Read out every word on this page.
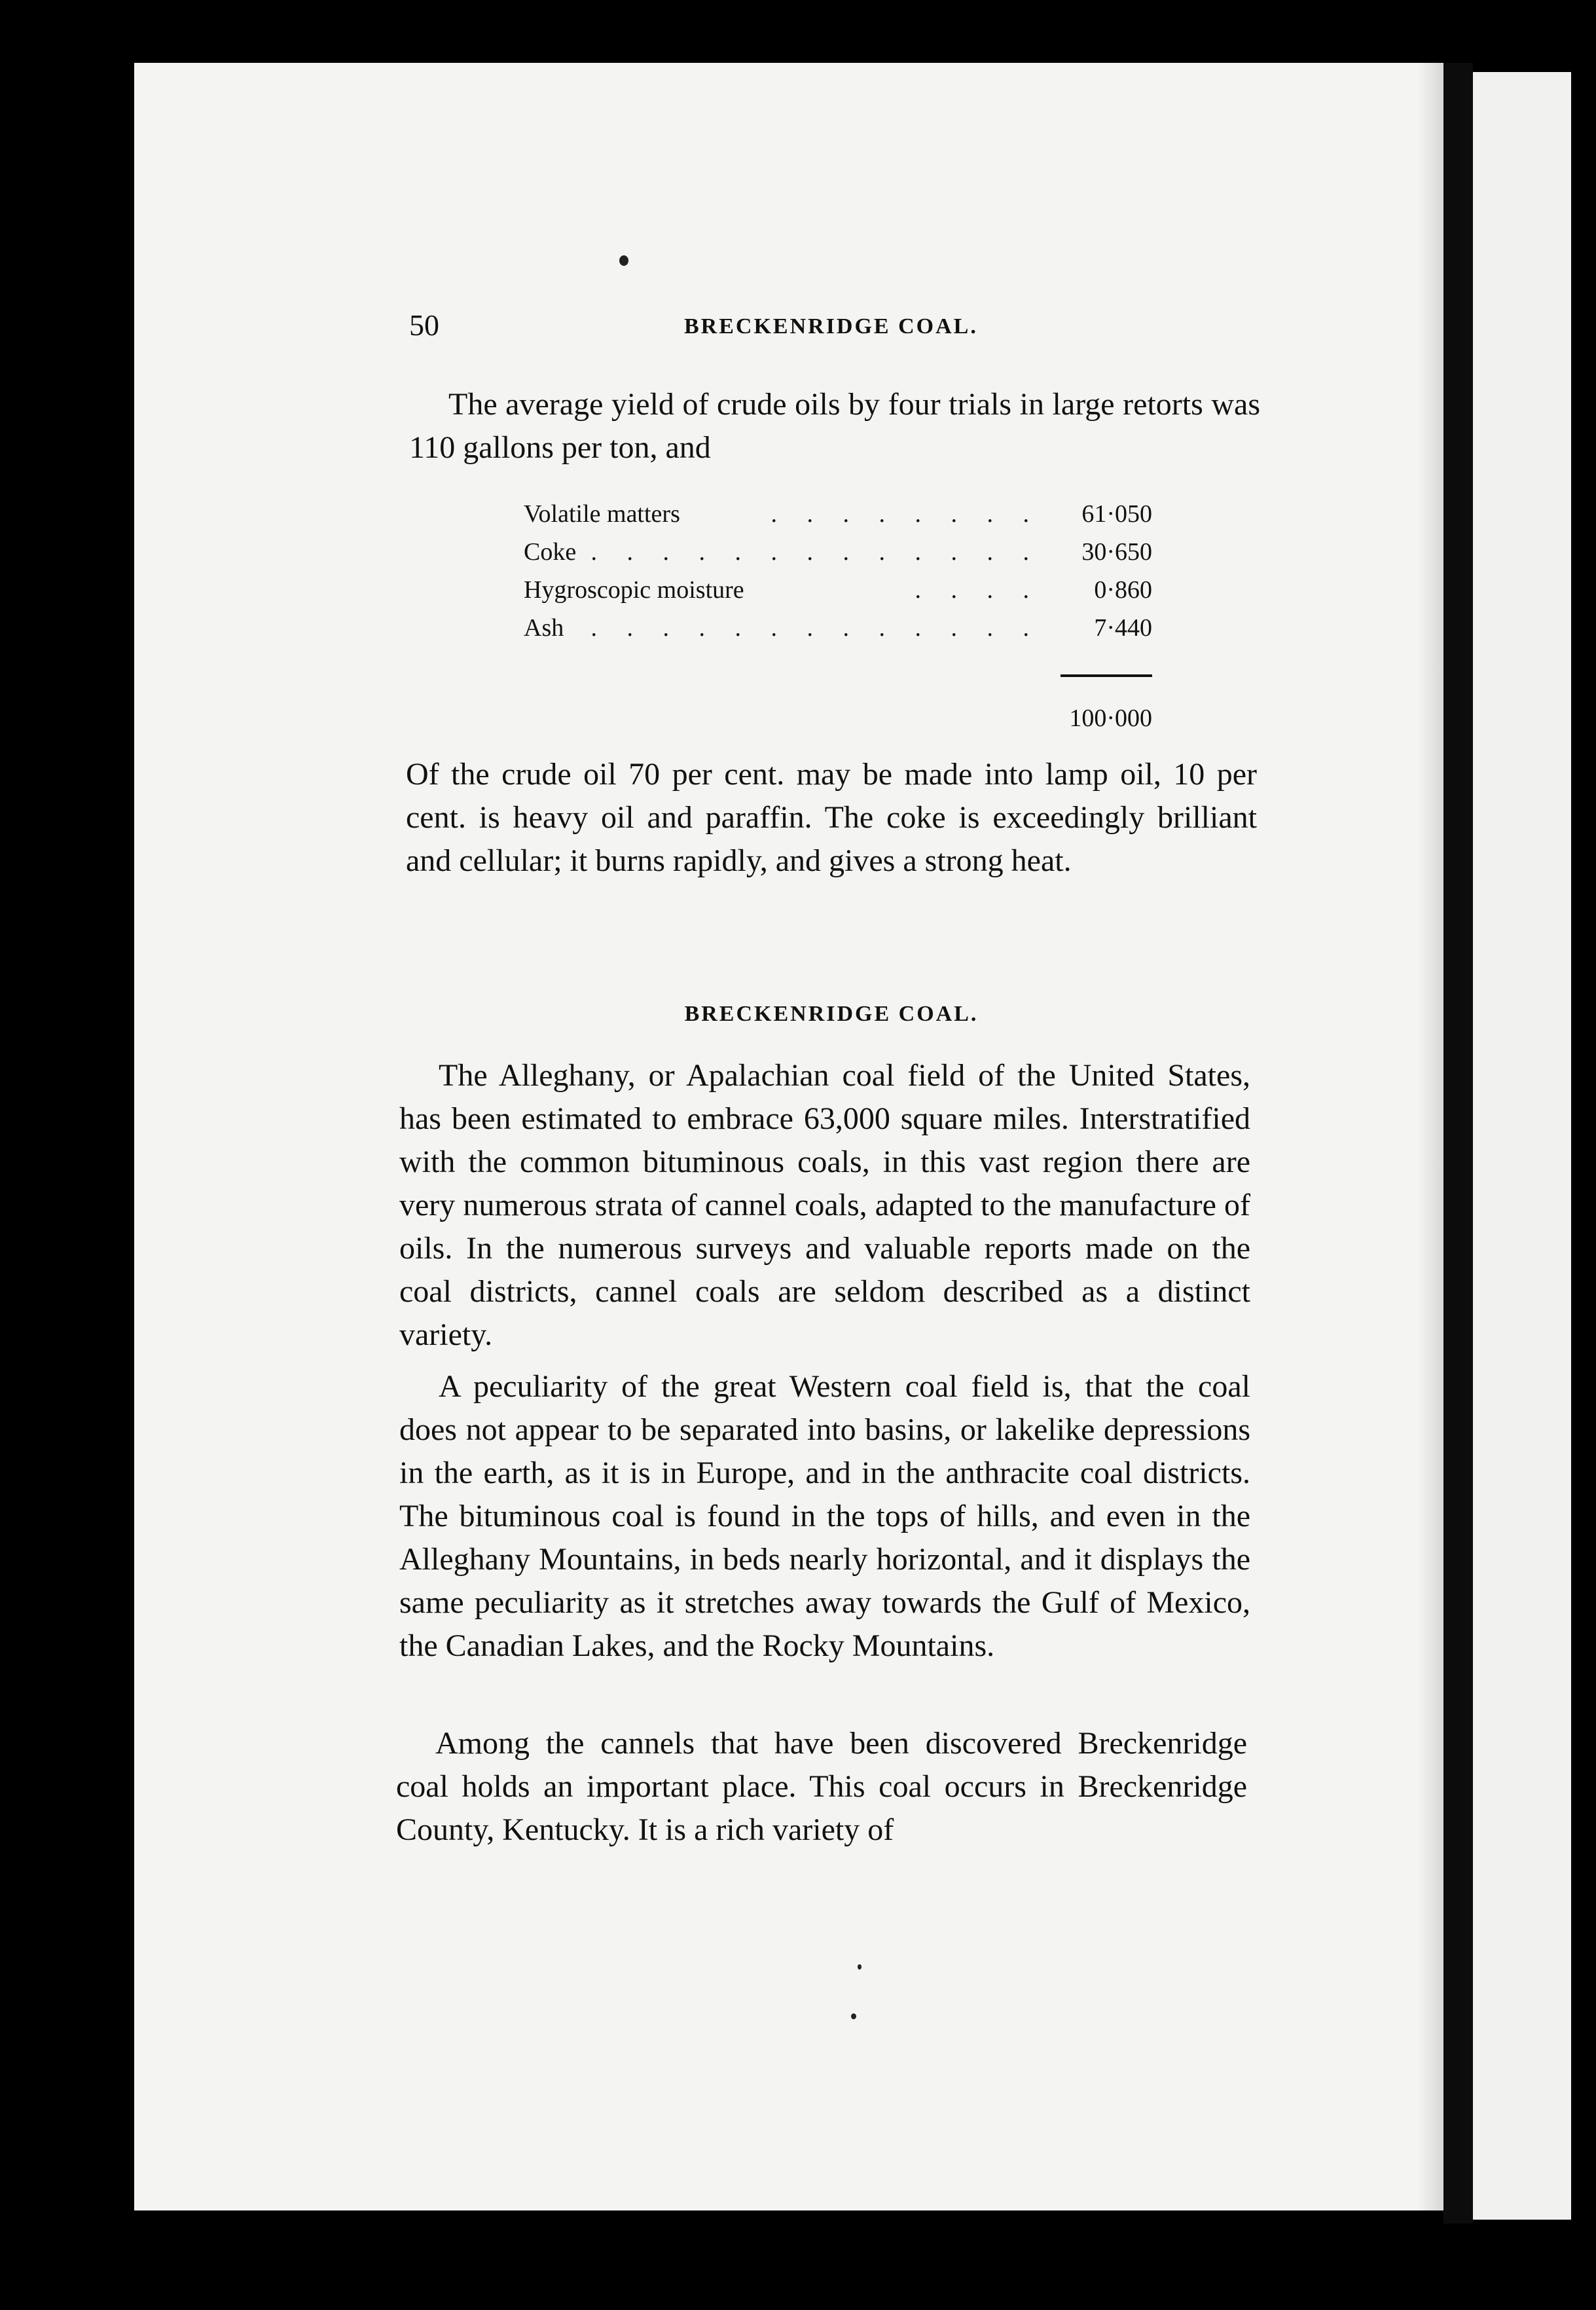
50	BRECKENRIDGE COAL.

The average yield of crude oils by four trials in large retorts was 110 gallons per ton, and

Volatile matters	. . . . . . . .	61·050
Coke . . . . . . . . . . . . .	30·650
Hygroscopic moisture	. . . .	0·860
Ash	. . . . . . . . . . . . .	7·440
100·000

Of the crude oil 70 per cent. may be made into lamp oil, 10 per cent. is heavy oil and paraffin. The coke is exceedingly brilliant and cellular; it burns rapidly, and gives a strong heat.

BRECKENRIDGE COAL.

The Alleghany, or Apalachian coal field of the United States, has been estimated to embrace 63,000 square miles. Interstratified with the common bituminous coals, in this vast region there are very numerous strata of cannel coals, adapted to the manufacture of oils. In the numerous surveys and valuable reports made on the coal districts, cannel coals are seldom described as a distinct variety.

A peculiarity of the great Western coal field is, that the coal does not appear to be separated into basins, or lakelike depressions in the earth, as it is in Europe, and in the anthracite coal districts. The bituminous coal is found in the tops of hills, and even in the Alleghany Mountains, in beds nearly horizontal, and it displays the same peculiarity as it stretches away towards the Gulf of Mexico, the Canadian Lakes, and the Rocky Mountains.

Among the cannels that have been discovered Breckenridge coal holds an important place. This coal occurs in Breckenridge County, Kentucky. It is a rich variety of
